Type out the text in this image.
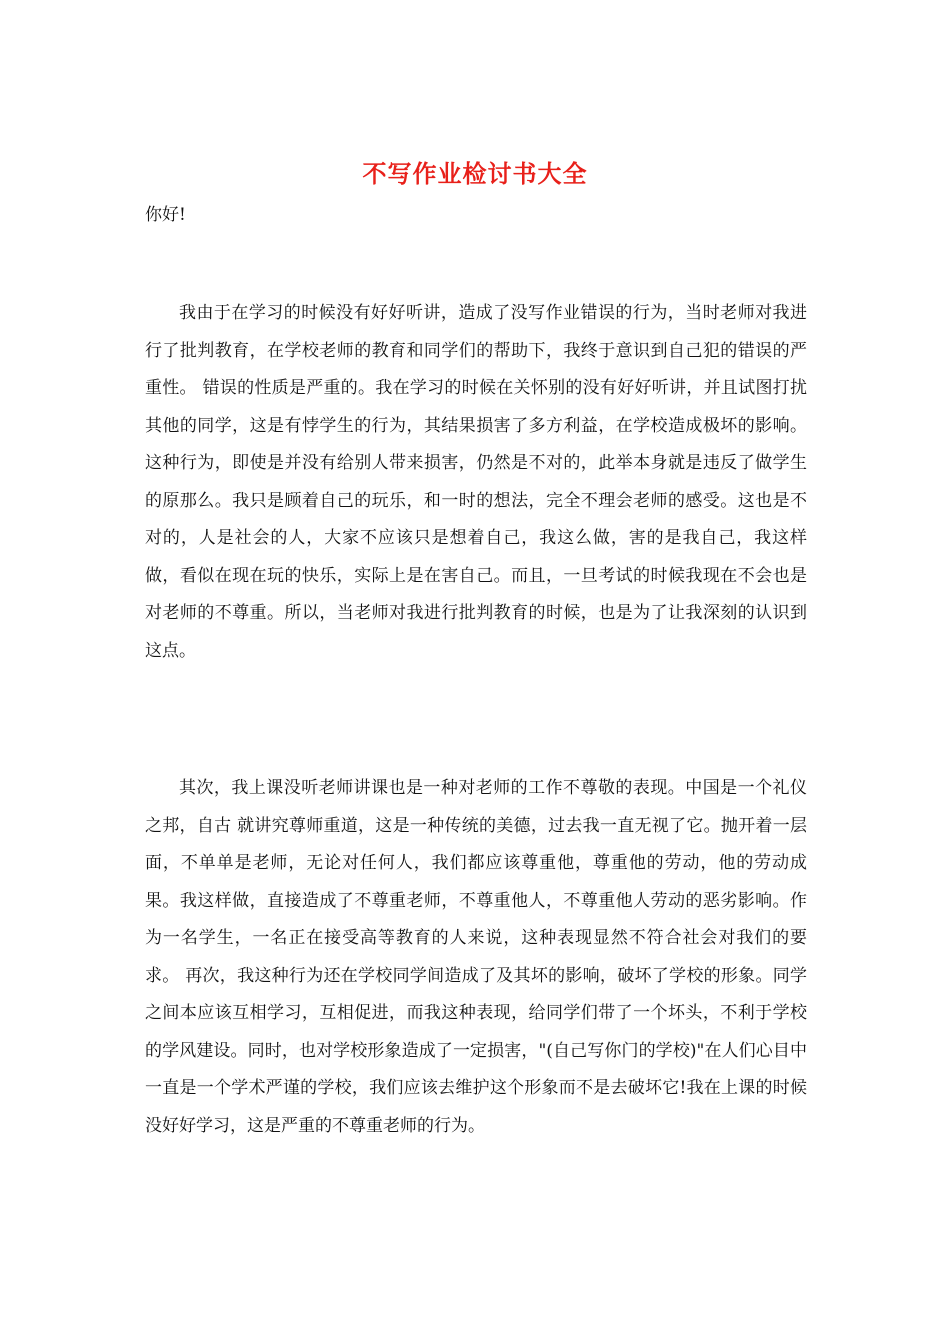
不写作业检讨书大全
你好!

我由于在学习的时候没有好好听讲，造成了没写作业错误的行为，当时老师对我进行了批判教育，在学校老师的教育和同学们的帮助下，我终于意识到自己犯的错误的严重性。 错误的性质是严重的。我在学习的时候在关怀别的没有好好听讲，并且试图打扰其他的同学，这是有悖学生的行为，其结果损害了多方利益，在学校造成极坏的影响。这种行为，即使是并没有给别人带来损害，仍然是不对的，此举本身就是违反了做学生的原那么。我只是顾着自己的玩乐，和一时的想法，完全不理会老师的感受。这也是不对的，人是社会的人，大家不应该只是想着自己，我这么做，害的是我自己，我这样做，看似在现在玩的快乐，实际上是在害自己。而且，一旦考试的时候我现在不会也是对老师的不尊重。所以，当老师对我进行批判教育的时候，也是为了让我深刻的认识到这点。

其次，我上课没听老师讲课也是一种对老师的工作不尊敬的表现。中国是一个礼仪之邦，自古 就讲究尊师重道，这是一种传统的美德，过去我一直无视了它。抛开着一层面，不单单是老师，无论对任何人，我们都应该尊重他，尊重他的劳动，他的劳动成果。我这样做，直接造成了不尊重老师，不尊重他人，不尊重他人劳动的恶劣影响。作为一名学生，一名正在接受高等教育的人来说，这种表现显然不符合社会对我们的要求。 再次，我这种行为还在学校同学间造成了及其坏的影响，破坏了学校的形象。同学之间本应该互相学习，互相促进，而我这种表现，给同学们带了一个坏头，不利于学校的学风建设。同时，也对学校形象造成了一定损害，"(自己写你门的学校)"在人们心目中一直是一个学术严谨的学校，我们应该去维护这个形象而不是去破坏它!我在上课的时候没好好学习，这是严重的不尊重老师的行为。
